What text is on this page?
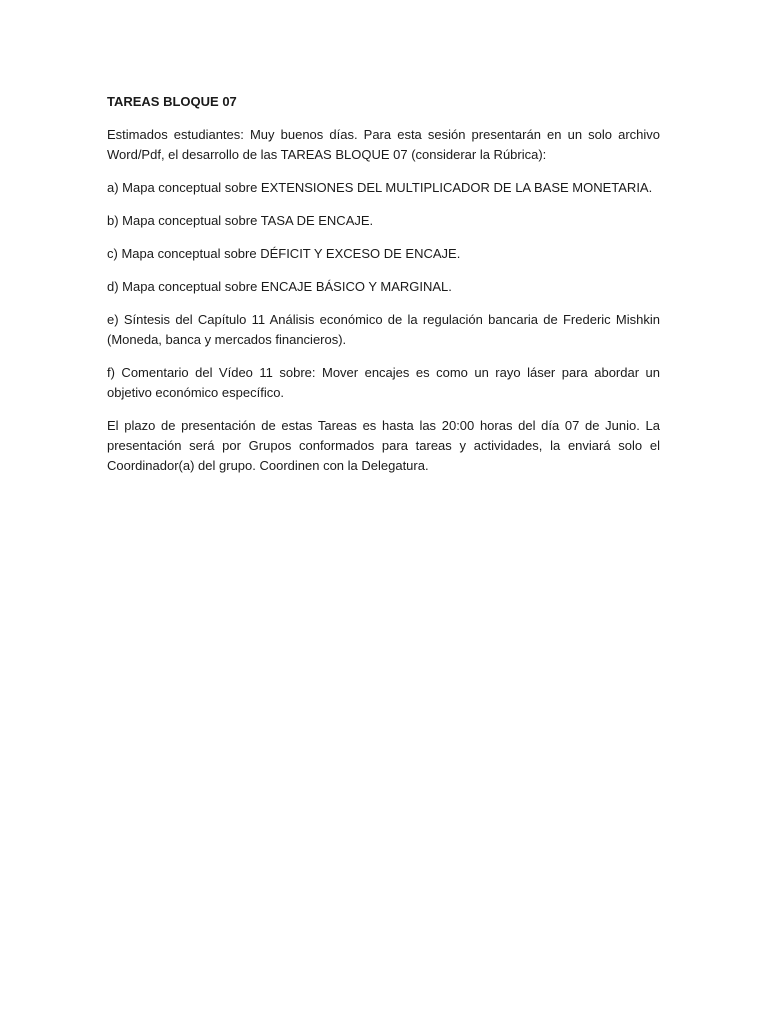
TAREAS BLOQUE 07

Estimados estudiantes: Muy buenos días. Para esta sesión presentarán en un solo archivo Word/Pdf, el desarrollo de las TAREAS BLOQUE 07 (considerar la Rúbrica):

a) Mapa conceptual sobre EXTENSIONES DEL MULTIPLICADOR DE LA BASE MONETARIA.

b) Mapa conceptual sobre TASA DE ENCAJE.

c) Mapa conceptual sobre DÉFICIT Y EXCESO DE ENCAJE.

d) Mapa conceptual sobre ENCAJE BÁSICO Y MARGINAL.

e) Síntesis del Capítulo 11 Análisis económico de la regulación bancaria de Frederic Mishkin (Moneda, banca y mercados financieros).

f) Comentario del Vídeo 11 sobre: Mover encajes es como un rayo láser para abordar un objetivo económico específico.

El plazo de presentación de estas Tareas es hasta las 20:00 horas del día 07 de Junio. La presentación será por Grupos conformados para tareas y actividades, la enviará solo el Coordinador(a) del grupo. Coordinen con la Delegatura.
